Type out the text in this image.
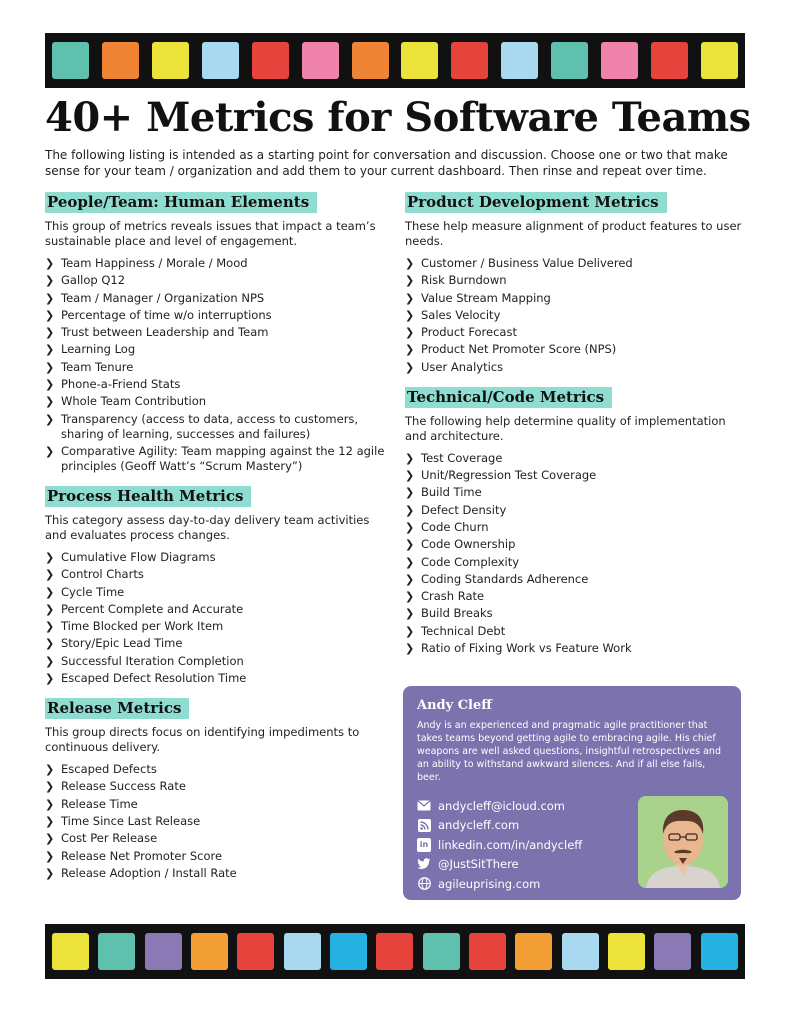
40+ Metrics for Software Teams

The following listing is intended as a starting point for conversation and discussion. Choose one or two that make sense for your team / organization and add them to your current dashboard. Then rinse and repeat over time.

People/Team: Human Elements

This group of metrics reveals issues that impact a team’s sustainable place and level of engagement.

❯ Team Happiness / Morale / Mood
❯ Gallop Q12
❯ Team / Manager / Organization NPS
❯ Percentage of time w/o interruptions
❯ Trust between Leadership and Team
❯ Learning Log
❯ Team Tenure
❯ Phone-a-Friend Stats
❯ Whole Team Contribution
❯ Transparency (access to data, access to customers, sharing of learning, successes and failures)
❯ Comparative Agility: Team mapping against the 12 agile principles (Geoff Watt’s “Scrum Mastery”)
Process Health Metrics

This category assess day-to-day delivery team activities and evaluates process changes.

❯ Cumulative Flow Diagrams
❯ Control Charts
❯ Cycle Time
❯ Percent Complete and Accurate
❯ Time Blocked per Work Item
❯ Story/Epic Lead Time
❯ Successful Iteration Completion
❯ Escaped Defect Resolution Time
Release Metrics

This group directs focus on identifying impediments to continuous delivery.

❯ Escaped Defects
❯ Release Success Rate
❯ Release Time
❯ Time Since Last Release
❯ Cost Per Release
❯ Release Net Promoter Score
❯ Release Adoption / Install Rate
Product Development Metrics

These help measure alignment of product features to user needs.

❯ Customer / Business Value Delivered
❯ Risk Burndown
❯ Value Stream Mapping
❯ Sales Velocity
❯ Product Forecast
❯ Product Net Promoter Score (NPS)
❯ User Analytics
Technical/Code Metrics

The following help determine quality of implementation and architecture.

❯ Test Coverage
❯ Unit/Regression Test Coverage
❯ Build Time
❯ Defect Density
❯ Code Churn
❯ Code Ownership
❯ Code Complexity
❯ Coding Standards Adherence
❯ Crash Rate
❯ Build Breaks
❯ Technical Debt
❯ Ratio of Fixing Work vs Feature Work
Andy Cleff

Andy is an experienced and pragmatic agile practitioner that takes teams beyond getting agile to embracing agile. His chief weapons are well asked questions, insightful retrospectives and an ability to withstand awkward silences. And if all else fails, beer.

andycleff@icloud.com
andycleff.com
in linkedin.com/in/andycleff
@JustSitThere
agileuprising.com
